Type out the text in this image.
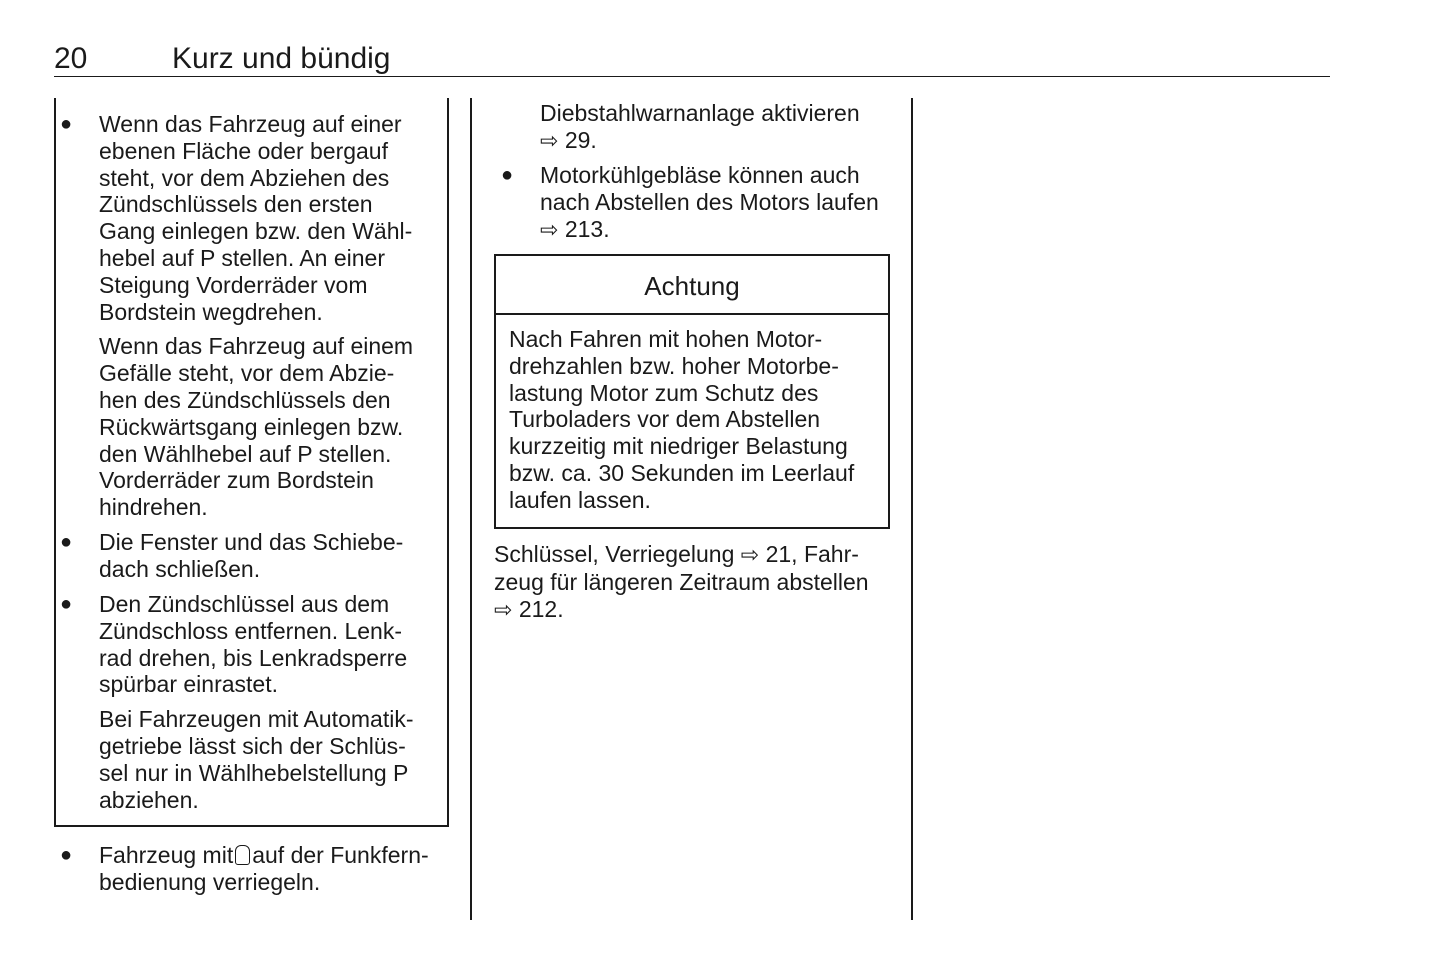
20	Kurz und bündig
● Wenn das Fahrzeug auf einer
ebenen Fläche oder bergauf
steht, vor dem Abziehen des
Zündschlüssels den ersten
Gang einlegen bzw. den Wähl-
hebel auf P stellen. An einer
Steigung Vorderräder vom
Bordstein wegdrehen.
Wenn das Fahrzeug auf einem
Gefälle steht, vor dem Abzie-
hen des Zündschlüssels den
Rückwärtsgang einlegen bzw.
den Wählhebel auf P stellen.
Vorderräder zum Bordstein
hindrehen.
● Die Fenster und das Schiebe-
dach schließen.
● Den Zündschlüssel aus dem
Zündschloss entfernen. Lenk-
rad drehen, bis Lenkradsperre
spürbar einrastet.
Bei Fahrzeugen mit Automatik-
getriebe lässt sich der Schlüs-
sel nur in Wählhebelstellung P
abziehen.
● Fahrzeug mit auf der Funkfern-
bedienung verriegeln.
Diebstahlwarnanlage aktivieren
⇨ 29.
● Motorkühlgebläse können auch
nach Abstellen des Motors laufen
⇨ 213.
Achtung
Nach Fahren mit hohen Motor-
drehzahlen bzw. hoher Motorbe-
lastung Motor zum Schutz des
Turboladers vor dem Abstellen
kurzzeitig mit niedriger Belastung
bzw. ca. 30 Sekunden im Leerlauf
laufen lassen.
Schlüssel, Verriegelung ⇨ 21, Fahr-
zeug für längeren Zeitraum abstellen
⇨ 212.
